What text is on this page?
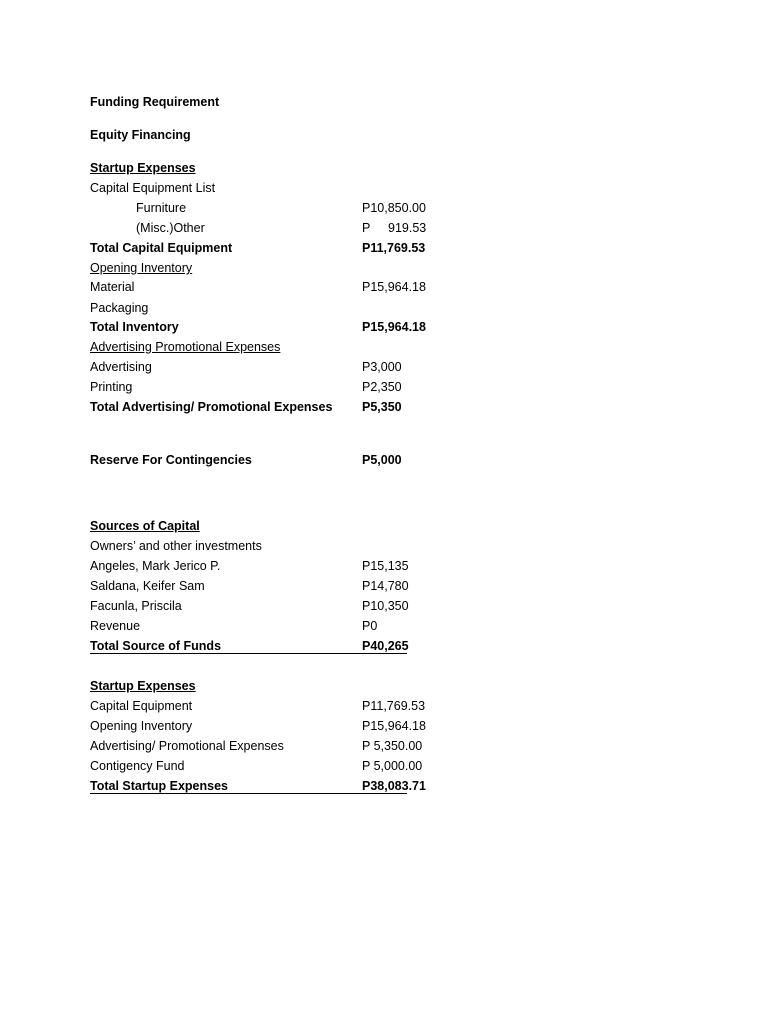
Funding Requirement
Equity Financing
Startup Expenses
Capital Equipment List
Furniture	P10,850.00
(Misc.)Other	P 919.53
Total Capital Equipment	P11,769.53
Opening Inventory
Material	P15,964.18
Packaging
Total Inventory	P15,964.18
Advertising Promotional Expenses
Advertising	P3,000
Printing	P2,350
Total Advertising/ Promotional Expenses P5,350
Reserve For Contingencies	P5,000
Sources of Capital
Owners’ and other investments
Angeles, Mark Jerico P.	P15,135
Saldana, Keifer Sam	P14,780
Facunla, Priscila	P10,350
Revenue	P0
Total Source of Funds	P40,265
Startup Expenses
Capital Equipment	P11,769.53
Opening Inventory	P15,964.18
Advertising/ Promotional Expenses	P 5,350.00
Contigency Fund	P 5,000.00
Total Startup Expenses	P38,083.71
